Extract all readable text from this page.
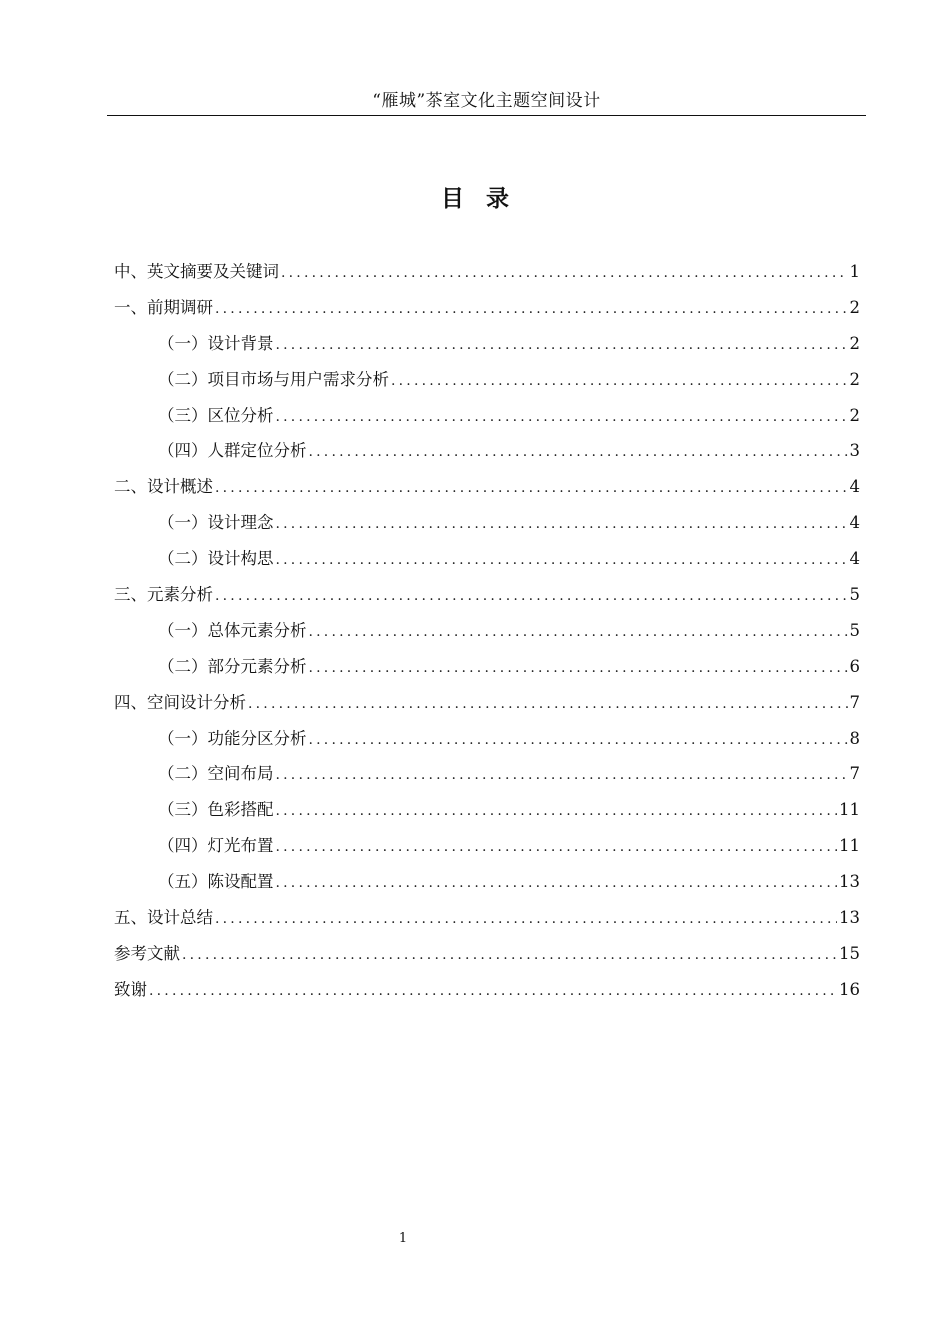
“雁城”茶室文化主题空间设计
目录
中、英文摘要及关键词 .....	1
一、前期调研 .....	2
（一）设计背景 .....	2
（二）项目市场与用户需求分析 .....	2
（三）区位分析 .....	2
（四）人群定位分析 .....	3
二、设计概述 .....	4
（一）设计理念 .....	4
（二）设计构思 .....	4
三、元素分析 .....	5
（一）总体元素分析 .....	5
（二）部分元素分析 .....	6
四、空间设计分析 .....	7
（一）功能分区分析 .....	8
（二）空间布局 .....	7
（三）色彩搭配 .....	11
（四）灯光布置 .....	11
（五）陈设配置 .....	13
五、设计总结 .....	13
参考文献 .....	15
致谢 .....	16
1
